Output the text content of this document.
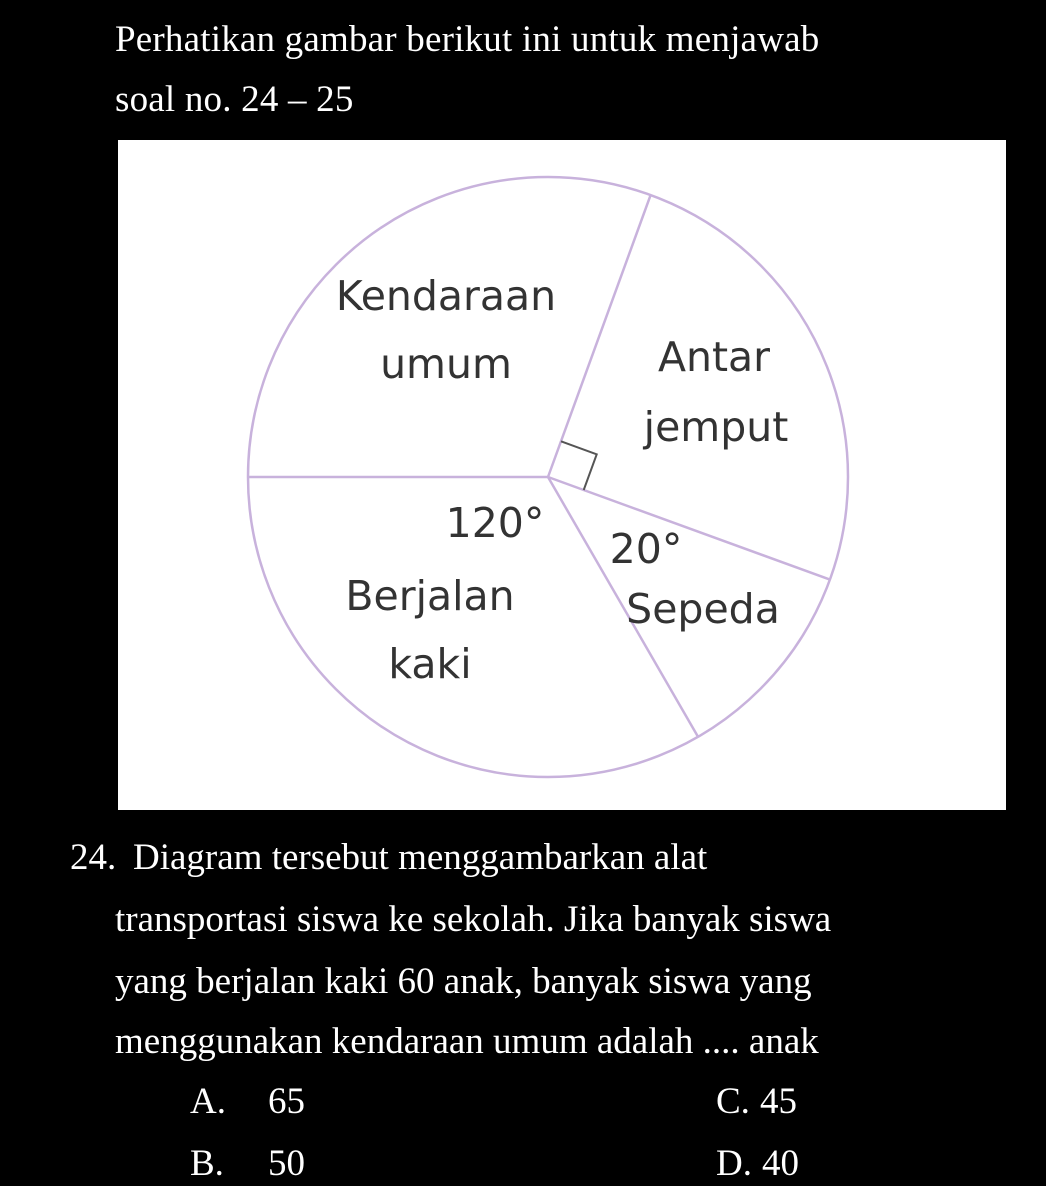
Perhatikan gambar berikut ini untuk menjawab
soal no. 24 – 25
Kendaraan
umum	Antar
jemput
20°
Sepeda
120°
Berjalan
kaki
24. Diagram tersebut menggambarkan alat
transportasi siswa ke sekolah. Jika banyak siswa
yang berjalan kaki 60 anak, banyak siswa yang
menggunakan kendaraan umum adalah .... anak
A. 65
B. 50
C. 45
D. 40
